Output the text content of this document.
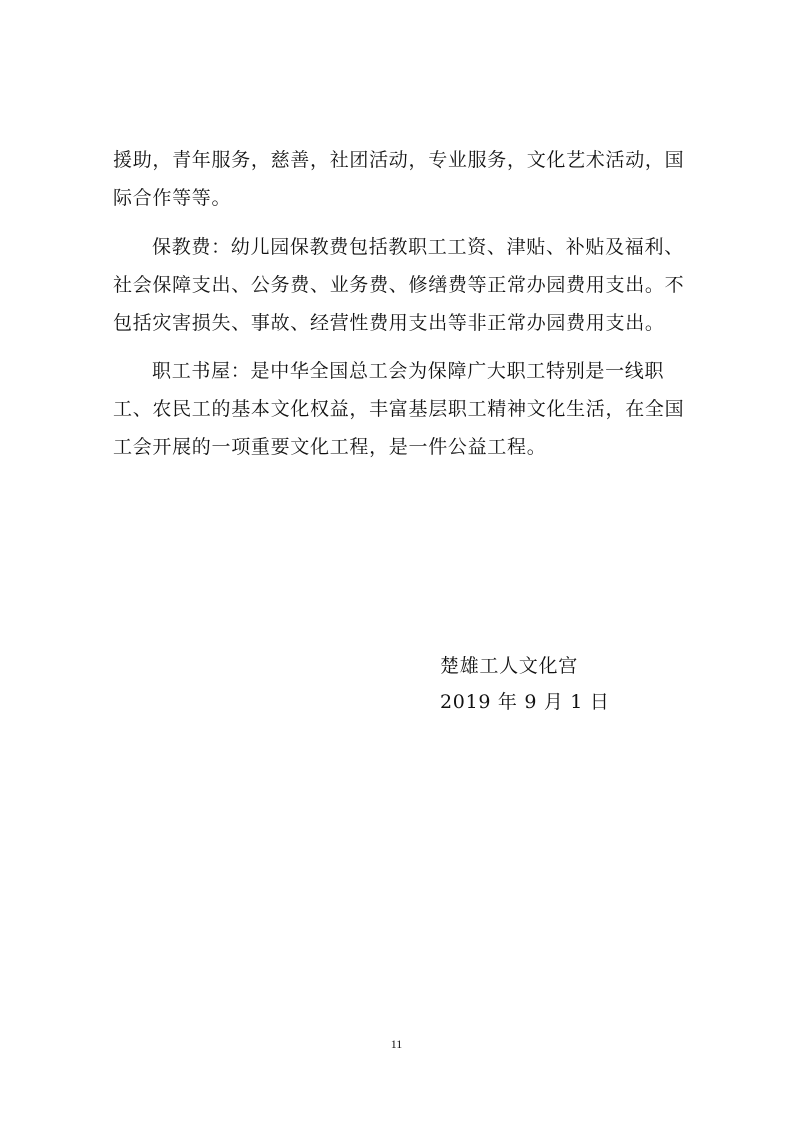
援助，青年服务，慈善，社团活动，专业服务，文化艺术活动，国
际合作等等。
保教费：幼儿园保教费包括教职工工资、津贴、补贴及福利、
社会保障支出、公务费、业务费、修缮费等正常办园费用支出。不
包括灾害损失、事故、经营性费用支出等非正常办园费用支出。
职工书屋：是中华全国总工会为保障广大职工特别是一线职
工、农民工的基本文化权益，丰富基层职工精神文化生活，在全国
工会开展的一项重要文化工程，是一件公益工程。
楚雄工人文化宫
2019 年 9 月 1 日
11
